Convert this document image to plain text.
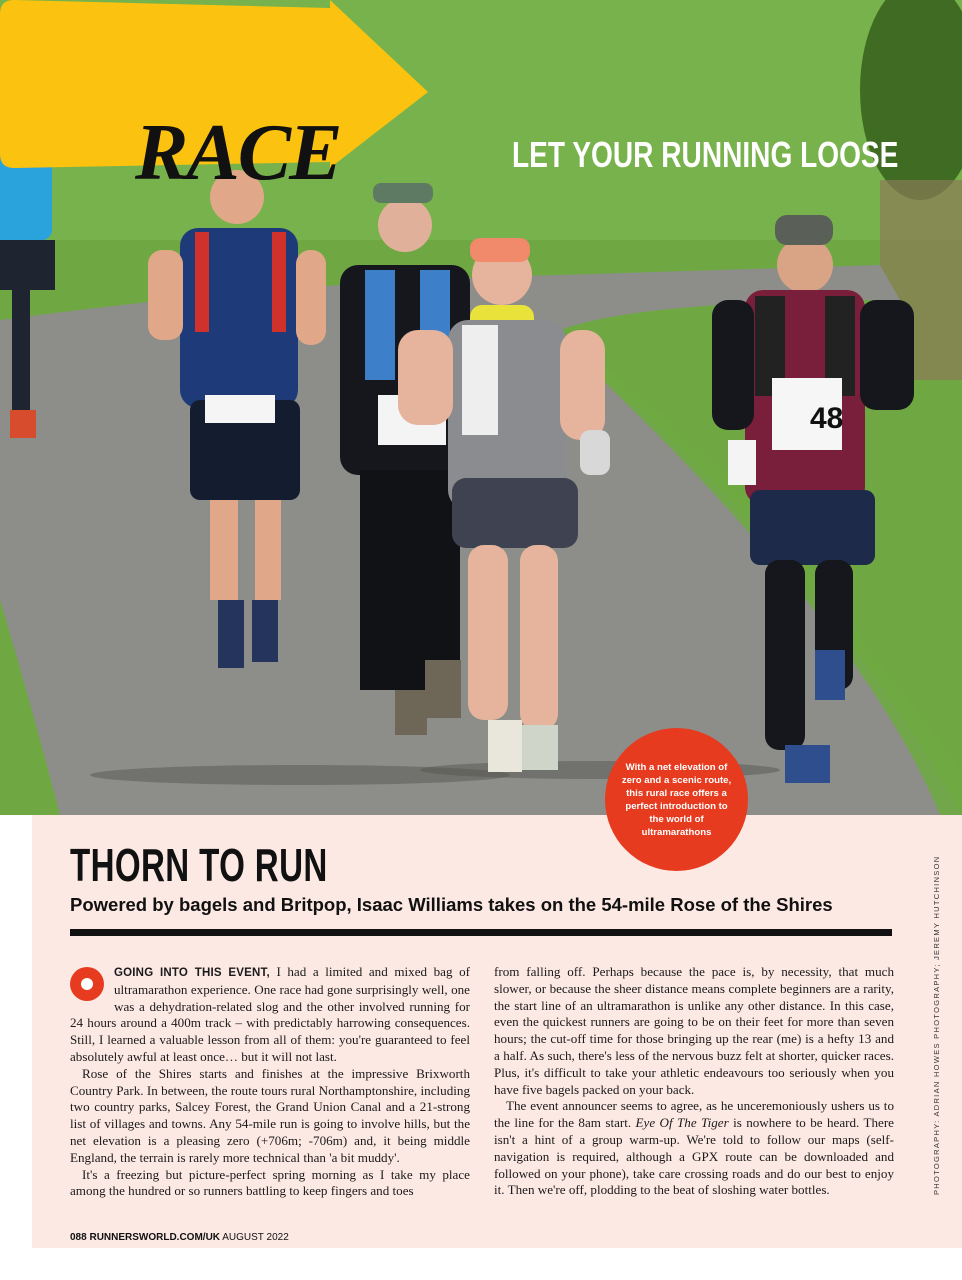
48
RACE	LET YOUR RUNNING LOOSE
With a net elevation of zero and a scenic route, this rural race offers a perfect introduction to the world of ultramarathons
THORN TO RUN
Powered by bagels and Britpop, Isaac Williams takes on the 54-mile Rose of the Shires

GOING INTO THIS EVENT, I had a limited and mixed bag of ultramarathon experience. One race had gone surprisingly well, one was a dehydration-related slog and the other involved running for 24 hours around a 400m track – with predictably harrowing consequences. Still, I learned a valuable lesson from all of them: you're guaranteed to feel absolutely awful at least once… but it will not last.

Rose of the Shires starts and finishes at the impressive Brixworth Country Park. In between, the route tours rural Northamptonshire, including two country parks, Salcey Forest, the Grand Union Canal and a 21-strong list of villages and towns. Any 54-mile run is going to involve hills, but the net elevation is a pleasing zero (+706m; -706m) and, it being middle England, the terrain is rarely more technical than 'a bit muddy'.

It's a freezing but picture-perfect spring morning as I take my place among the hundred or so runners battling to keep fingers and toes

from falling off. Perhaps because the pace is, by necessity, that much slower, or because the sheer distance means complete beginners are a rarity, the start line of an ultramarathon is unlike any other distance. In this case, even the quickest runners are going to be on their feet for more than seven hours; the cut-off time for those bringing up the rear (me) is a hefty 13 and a half. As such, there's less of the nervous buzz felt at shorter, quicker races. Plus, it's difficult to take your athletic endeavours too seriously when you have five bagels packed on your back.

The event announcer seems to agree, as he unceremoniously ushers us to the line for the 8am start. Eye Of The Tiger is nowhere to be heard. There isn't a hint of a group warm-up. We're told to follow our maps (self-navigation is required, although a GPX route can be downloaded and followed on your phone), take care crossing roads and do our best to enjoy it. Then we're off, plodding to the beat of sloshing water bottles.

088 RUNNERSWORLD.COM/UK AUGUST 2022
PHOTOGRAPHY: ADRIAN HOWES PHOTOGRAPHY; JEREMY HUTCHINSON
